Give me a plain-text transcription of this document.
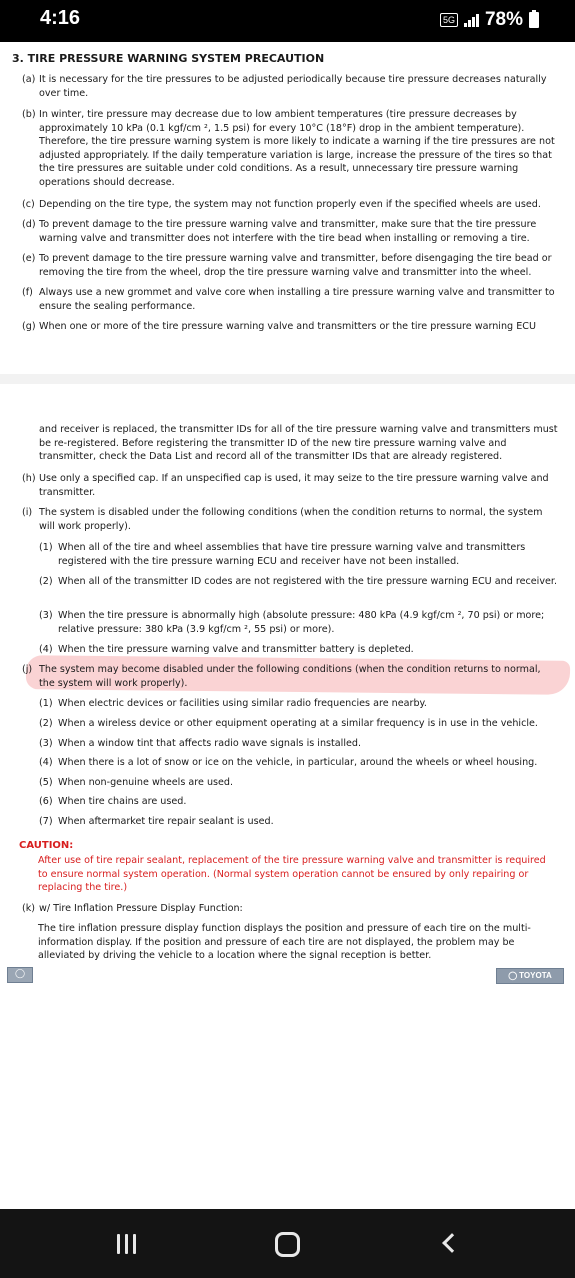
4:16	5G 78%
3. TIRE PRESSURE WARNING SYSTEM PRECAUTION
(a) It is necessary for the tire pressures to be adjusted periodically because tire pressure decreases naturally over time.
(b) In winter, tire pressure may decrease due to low ambient temperatures (tire pressure decreases by approximately 10 kPa (0.1 kgf/cm ², 1.5 psi) for every 10°C (18°F) drop in the ambient temperature). Therefore, the tire pressure warning system is more likely to indicate a warning if the tire pressures are not adjusted appropriately. If the daily temperature variation is large, increase the pressure of the tires so that the tire pressures are suitable under cold conditions. As a result, unnecessary tire pressure warning operations should decrease.
(c) Depending on the tire type, the system may not function properly even if the specified wheels are used.
(d) To prevent damage to the tire pressure warning valve and transmitter, make sure that the tire pressure warning valve and transmitter does not interfere with the tire bead when installing or removing a tire.
(e) To prevent damage to the tire pressure warning valve and transmitter, before disengaging the tire bead or removing the tire from the wheel, drop the tire pressure warning valve and transmitter into the wheel.
(f) Always use a new grommet and valve core when installing a tire pressure warning valve and transmitter to ensure the sealing performance.
(g) When one or more of the tire pressure warning valve and transmitters or the tire pressure warning ECU
and receiver is replaced, the transmitter IDs for all of the tire pressure warning valve and transmitters must be re-registered. Before registering the transmitter ID of the new tire pressure warning valve and transmitter, check the Data List and record all of the transmitter IDs that are already registered.
(h) Use only a specified cap. If an unspecified cap is used, it may seize to the tire pressure warning valve and transmitter.
(i) The system is disabled under the following conditions (when the condition returns to normal, the system will work properly).
(1) When all of the tire and wheel assemblies that have tire pressure warning valve and transmitters registered with the tire pressure warning ECU and receiver have not been installed.
(2) When all of the transmitter ID codes are not registered with the tire pressure warning ECU and receiver.
(3) When the tire pressure is abnormally high (absolute pressure: 480 kPa (4.9 kgf/cm ², 70 psi) or more; relative pressure: 380 kPa (3.9 kgf/cm ², 55 psi) or more).
(4) When the tire pressure warning valve and transmitter battery is depleted.
(j) The system may become disabled under the following conditions (when the condition returns to normal, the system will work properly).
(1) When electric devices or facilities using similar radio frequencies are nearby.
(2) When a wireless device or other equipment operating at a similar frequency is in use in the vehicle.
(3) When a window tint that affects radio wave signals is installed.
(4) When there is a lot of snow or ice on the vehicle, in particular, around the wheels or wheel housing.
(5) When non-genuine wheels are used.
(6) When tire chains are used.
(7) When aftermarket tire repair sealant is used.
CAUTION:
After use of tire repair sealant, replacement of the tire pressure warning valve and transmitter is required to ensure normal system operation. (Normal system operation cannot be ensured by only repairing or replacing the tire.)
(k) w/ Tire Inflation Pressure Display Function:
The tire inflation pressure display function displays the position and pressure of each tire on the multi-information display. If the position and pressure of each tire are not displayed, the problem may be alleviated by driving the vehicle to a location where the signal reception is better.
◯	◯ TOYOTA
